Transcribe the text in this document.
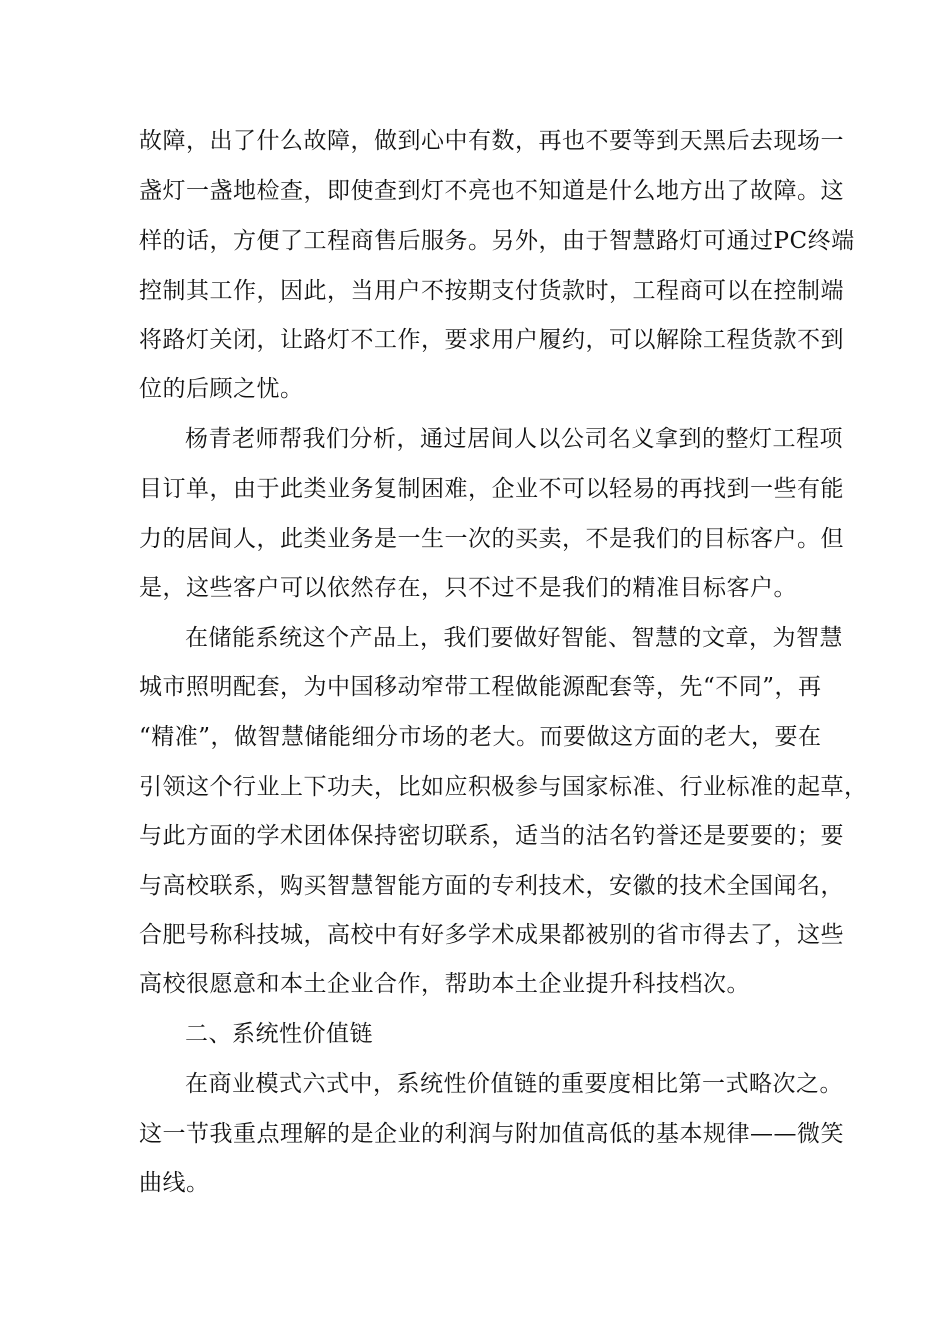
故障，出了什么故障，做到心中有数，再也不要等到天黑后去现场一
盏灯一盏地检查，即使查到灯不亮也不知道是什么地方出了故障。这
样的话，方便了工程商售后服务。另外，由于智慧路灯可通过PC终端
控制其工作，因此，当用户不按期支付货款时，工程商可以在控制端
将路灯关闭，让路灯不工作，要求用户履约，可以解除工程货款不到
位的后顾之忧。
杨青老师帮我们分析，通过居间人以公司名义拿到的整灯工程项
目订单，由于此类业务复制困难，企业不可以轻易的再找到一些有能
力的居间人，此类业务是一生一次的买卖，不是我们的目标客户。但
是，这些客户可以依然存在，只不过不是我们的精准目标客户。
在储能系统这个产品上，我们要做好智能、智慧的文章，为智慧
城市照明配套，为中国移动窄带工程做能源配套等，先“不同”，再
“精准”，做智慧储能细分市场的老大。而要做这方面的老大，要在
引领这个行业上下功夫，比如应积极参与国家标准、行业标准的起草，
与此方面的学术团体保持密切联系，适当的沽名钓誉还是要要的；要
与高校联系，购买智慧智能方面的专利技术，安徽的技术全国闻名，
合肥号称科技城，高校中有好多学术成果都被别的省市得去了，这些
高校很愿意和本土企业合作，帮助本土企业提升科技档次。
二、系统性价值链
在商业模式六式中，系统性价值链的重要度相比第一式略次之。
这一节我重点理解的是企业的利润与附加值高低的基本规律——微笑
曲线。
